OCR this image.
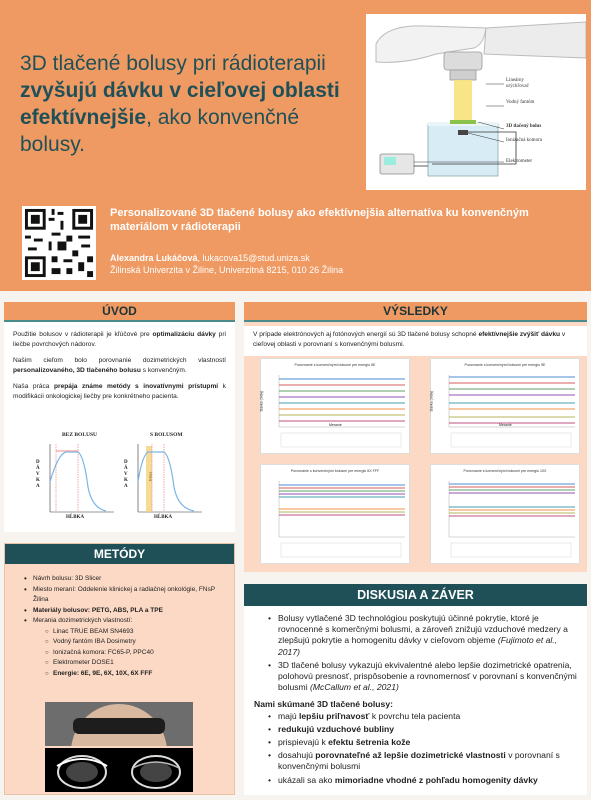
3D tlačené bolusy pri rádioterapii zvyšujú dávku v cieľovej oblasti efektívnejšie, ako konvenčné bolusy.
Lineárny urýchľovač
Vodný fantóm
3D tlačený bolus
Ionizačná komora
Elektrometer
Personalizované 3D tlačené bolusy ako efektívnejšia alternatíva ku konvenčným materiálom v rádioterapii
Alexandra Lukáčová, lukacova15@stud.uniza.sk
Žilinská Univerzita v Žiline, Univerzitná 8215, 010 26 Žilina
ÚVOD

Použitie bolusov v rádioterapii je kľúčové pre optimalizáciu dávky pri liečbe povrchových nádorov.

Našim cieľom bolo porovnanie dozimetrických vlastností personalizovaného, 3D tlačeného bolusu s konvenčným.

Naša práca prepája známe metódy s inovatívnymi prístupmi k modifikácii onkologickej liečby pre konkrétneho pacienta.

BEZ BOLUSU
D Á V K A
HĹBKA
S BOLUSOM
D Á V K A
bolus
HĹBKA
METÓDY
• Návrh bolusu: 3D Slicer
• Miesto meraní: Oddelenie klinickej a radiačnej onkológie, FNsP Žilina
• Materiály bolusov: PETG, ABS, PLA a TPE
• Merania dozimetrických vlastností:
○ Linac TRUE BEAM SN4693
○ Vodný fantóm IBA Dosimetry
○ Ionizačná komora: FC65-P, PPC40
○ Elektrometer DOSE1
○ Energie: 6E, 9E, 6X, 10X, 6X FFF
VÝSLEDKY
V prípade elektrónových aj fotónových energií sú 3D tlačené bolusy schopné efektívnejšie zvýšiť dávku v cieľovej oblasti v porovnaní s konvenčnými bolusmi.
Porovnanie s konvenčnými bolusmi pre energiu 6E
Dávka (mGy)
Meranie
Porovnanie s konvenčnými bolusmi pre energiu 9E
Dávka (mGy)
Meranie
Porovnanie s konvenčnými bolusmi pre energiu 6X FFF	Porovnanie s konvenčnými bolusmi pre energiu 10X
DISKUSIA A ZÁVER
• Bolusy vytlačené 3D technológiou poskytujú účinné pokrytie, ktoré je rovnocenné s komerčnými bolusmi, a zároveň znižujú vzduchové medzery a zlepšujú pokrytie a homogenitu dávky v cieľovom objeme (Fujimoto et al., 2017)
• 3D tlačené bolusy vykazujú ekvivalentné alebo lepšie dozimetrické opatrenia, polohovú presnosť, prispôsobenie a rovnomernosť v porovnaní s konvenčnými bolusmi (McCallum et al., 2021)
Nami skúmané 3D tlačené bolusy:
• majú lepšiu priľnavosť k povrchu tela pacienta
• redukujú vzduchové bubliny
• prispievajú k efektu šetrenia kože
• dosahujú porovnateľné až lepšie dozimetrické vlastnosti v porovnaní s konvenčnými bolusmi
• ukázali sa ako mimoriadne vhodné z pohľadu homogenity dávky
